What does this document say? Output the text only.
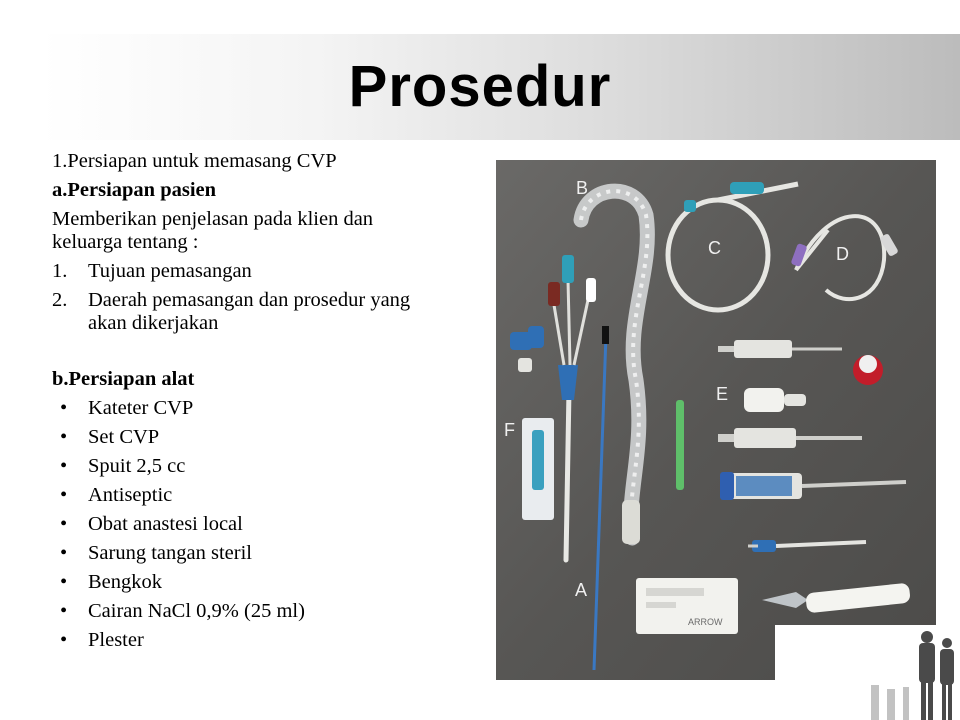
Prosedur

1.Persiapan untuk memasang CVP

a.Persiapan pasien

Memberikan penjelasan pada klien dan

keluarga tentang :

1.	Tujuan pemasangan
2.	Daerah pemasangan dan prosedur yang
akan dikerjakan

b.Persiapan alat

•	Kateter CVP
•	Set CVP
•	Spuit 2,5 cc
•	Antiseptic
•	Obat anastesi local
•	Sarung tangan steril
•	Bengkok
•	Cairan NaCl 0,9% (25 ml)
•	Plester
ARROW
A
B
C	D
E
F
